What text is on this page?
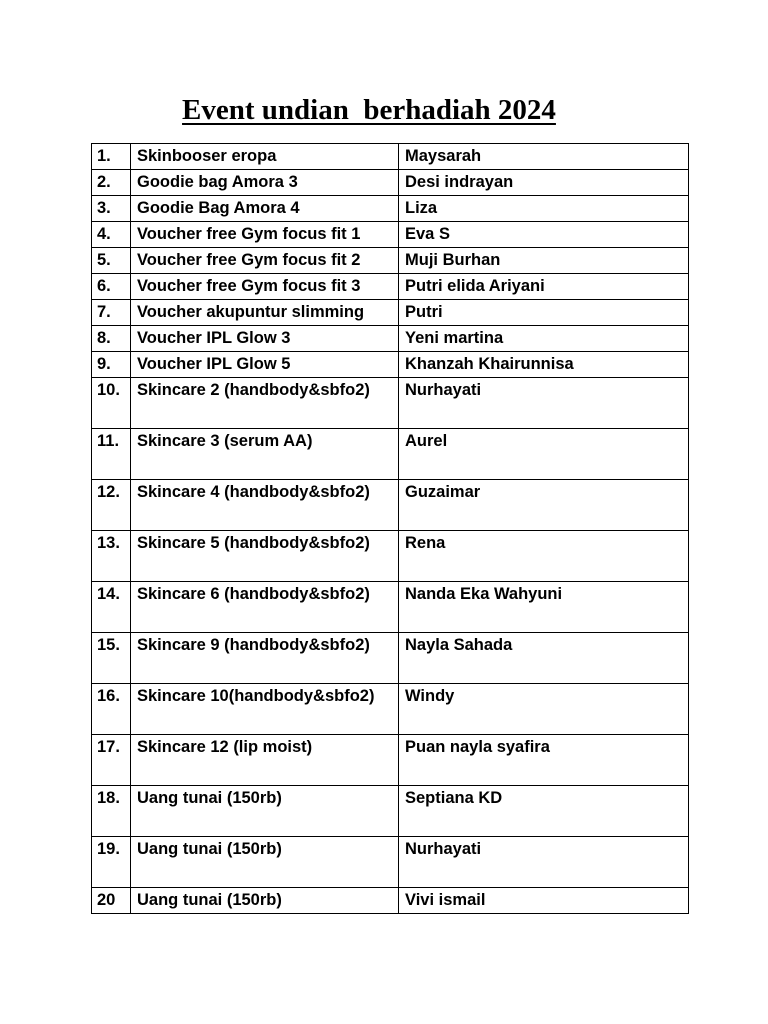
Event undian  berhadiah 2024
1.	Skinbooser eropa	Maysarah
2.	Goodie bag Amora 3	Desi indrayan
3.	Goodie Bag Amora 4	Liza
4.	Voucher free Gym focus fit 1	Eva S
5.	Voucher free Gym focus fit 2	Muji Burhan
6.	Voucher free Gym focus fit 3	Putri elida Ariyani
7.	Voucher akupuntur slimming	Putri
8.	Voucher IPL Glow 3	Yeni martina
9.	Voucher IPL Glow 5	Khanzah Khairunnisa
10.	Skincare 2 (handbody&sbfo2)	Nurhayati
11.	Skincare 3 (serum AA)	Aurel
12.	Skincare 4 (handbody&sbfo2)	Guzaimar
13.	Skincare 5 (handbody&sbfo2)	Rena
14.	Skincare 6 (handbody&sbfo2)	Nanda Eka Wahyuni
15.	Skincare 9 (handbody&sbfo2)	Nayla Sahada
16.	Skincare 10(handbody&sbfo2)	Windy
17.	Skincare 12 (lip moist)	Puan nayla syafira
18.	Uang tunai (150rb)	Septiana KD
19.	Uang tunai (150rb)	Nurhayati
20	Uang tunai (150rb)	Vivi ismail
